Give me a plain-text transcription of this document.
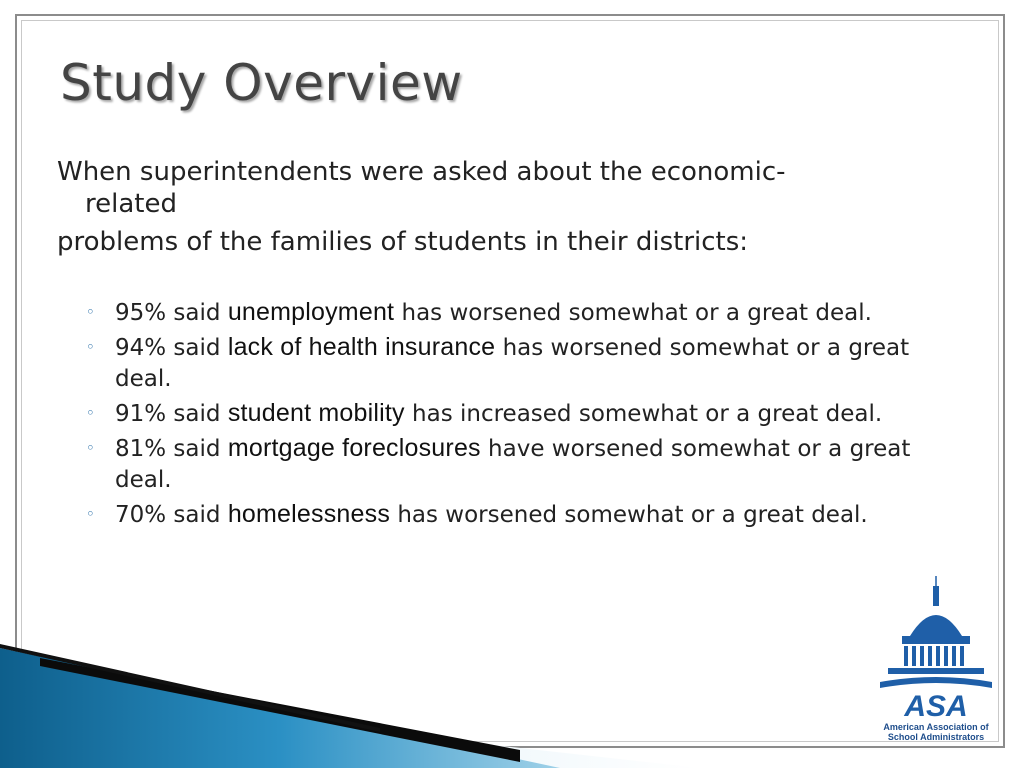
Study Overview

When superintendents were asked about the economic-

related

problems of the families of students in their districts:

◦ 95% said unemployment has worsened somewhat or a great deal.
◦ 94% said lack of health insurance has worsened somewhat or a great deal.
◦ 91% said student mobility has increased somewhat or a great deal.
◦ 81% said mortgage foreclosures have worsened somewhat or a great deal.
◦ 70% said homelessness has worsened somewhat or a great deal.
ASA
American Association of
School Administrators
